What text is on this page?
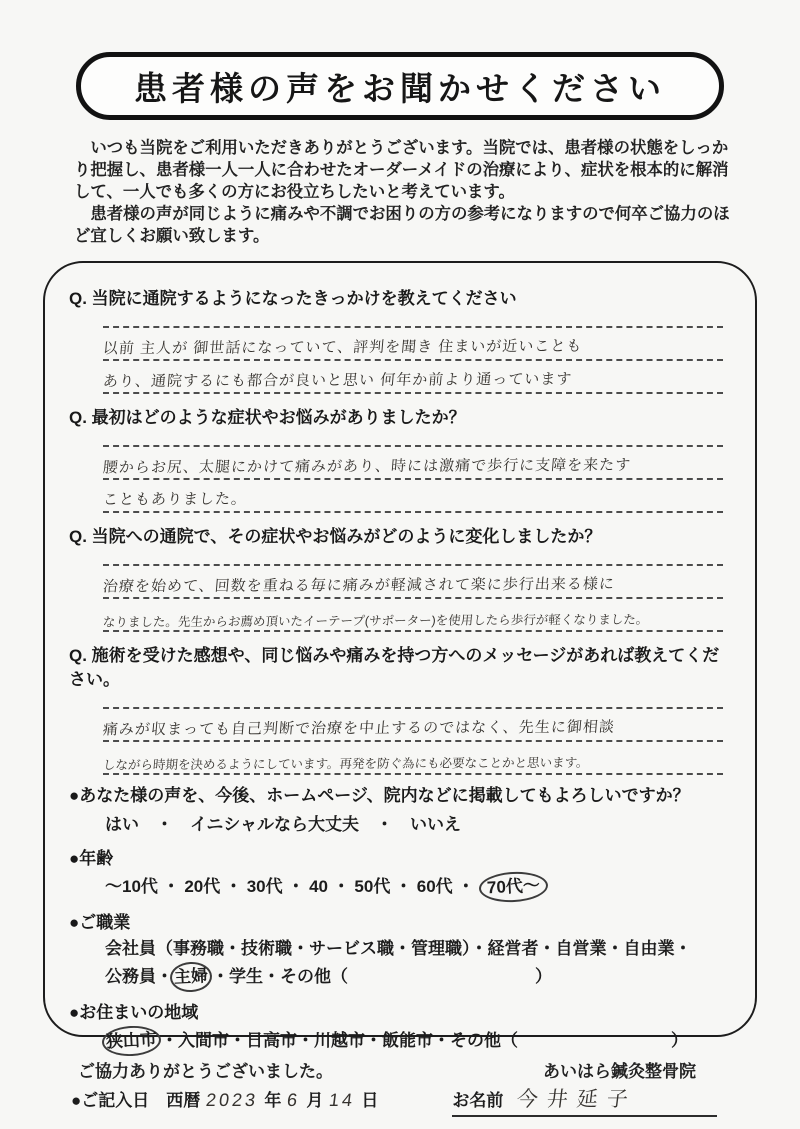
患者様の声をお聞かせください

　いつも当院をご利用いただきありがとうございます。当院では、患者様の状態をしっかり把握し、患者様一人一人に合わせたオーダーメイドの治療により、症状を根本的に解消して、一人でも多くの方にお役立ちしたいと考えています。

　患者様の声が同じように痛みや不調でお困りの方の参考になりますので何卒ご協力のほど宜しくお願い致します。

Q. 当院に通院するようになったきっかけを教えてください
以前 主人が 御世話になっていて、評判を聞き 住まいが近いことも
あり、通院するにも都合が良いと思い 何年か前より通っています
Q. 最初はどのような症状やお悩みがありましたか？
腰からお尻、太腿にかけて痛みがあり、時には激痛で歩行に支障を来たす
こともありました。
Q. 当院への通院で、その症状やお悩みがどのように変化しましたか？
治療を始めて、回数を重ねる毎に痛みが軽減されて楽に歩行出来る様に
なりました。先生からお薦め頂いたイーテープ(サポーター)を使用したら歩行が軽くなりました。
Q. 施術を受けた感想や、同じ悩みや痛みを持つ方へのメッセージがあれば教えてください。
痛みが収まっても自己判断で治療を中止するのではなく、先生に御相談
しながら時期を決めるようにしています。再発を防ぐ為にも必要なことかと思います。
●あなた様の声を、今後、ホームページ、院内などに掲載してもよろしいですか？
はい　・　イニシャルなら大丈夫　・　いいえ
●年齢
～10代 ・ 20代 ・ 30代 ・ 40 ・ 50代 ・ 60代 ・ 70代～
●ご職業
会社員（事務職・技術職・サービス職・管理職）・経営者・自営業・自由業・
公務員・主婦 ・学生・その他（　　　　　　　　　　　）
●お住まいの地域
狭山市 ・入間市・日高市・川越市・飯能市・その他（　　　　　　　　　）
●ご記入日　西暦 2023 年 6 月 14 日	お名前 今井延子
ご協力ありがとうございました。	あいはら鍼灸整骨院
